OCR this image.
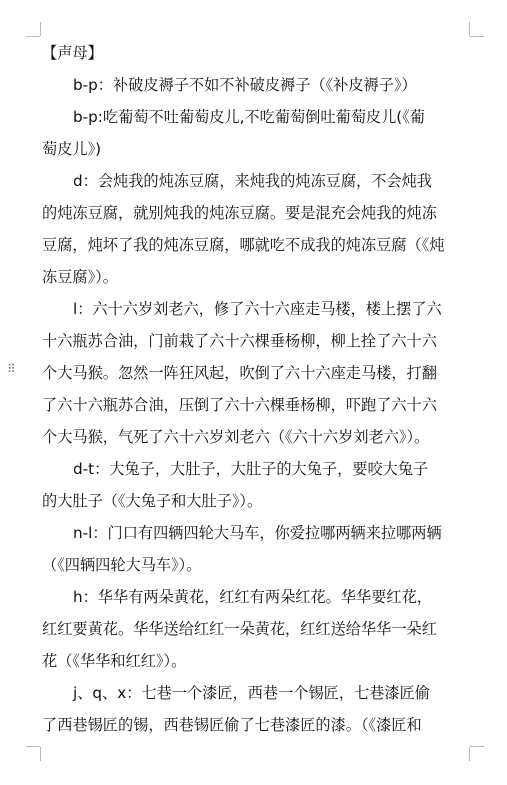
⠿
【声母】
b-p：补破皮褥子不如不补破皮褥子（《补皮褥子》）
b-p:吃葡萄不吐葡萄皮儿,不吃葡萄倒吐葡萄皮儿(《葡
萄皮儿》)
d：会炖我的炖冻豆腐，来炖我的炖冻豆腐，不会炖我
的炖冻豆腐，就别炖我的炖冻豆腐。要是混充会炖我的炖冻
豆腐，炖坏了我的炖冻豆腐，哪就吃不成我的炖冻豆腐（《炖
冻豆腐》）。
l：六十六岁刘老六，修了六十六座走马楼，楼上摆了六
十六瓶苏合油，门前栽了六十六棵垂杨柳，柳上拴了六十六
个大马猴。忽然一阵狂风起，吹倒了六十六座走马楼，打翻
了六十六瓶苏合油，压倒了六十六棵垂杨柳，吓跑了六十六
个大马猴，气死了六十六岁刘老六（《六十六岁刘老六》）。
d-t：大兔子，大肚子，大肚子的大兔子，要咬大兔子
的大肚子（《大兔子和大肚子》）。
n-l：门口有四辆四轮大马车，你爱拉哪两辆来拉哪两辆
（《四辆四轮大马车》）。
h：华华有两朵黄花，红红有两朵红花。华华要红花，
红红要黄花。华华送给红红一朵黄花，红红送给华华一朵红
花（《华华和红红》）。
j、q、x：七巷一个漆匠，西巷一个锡匠，七巷漆匠偷
了西巷锡匠的锡，西巷锡匠偷了七巷漆匠的漆。（《漆匠和
